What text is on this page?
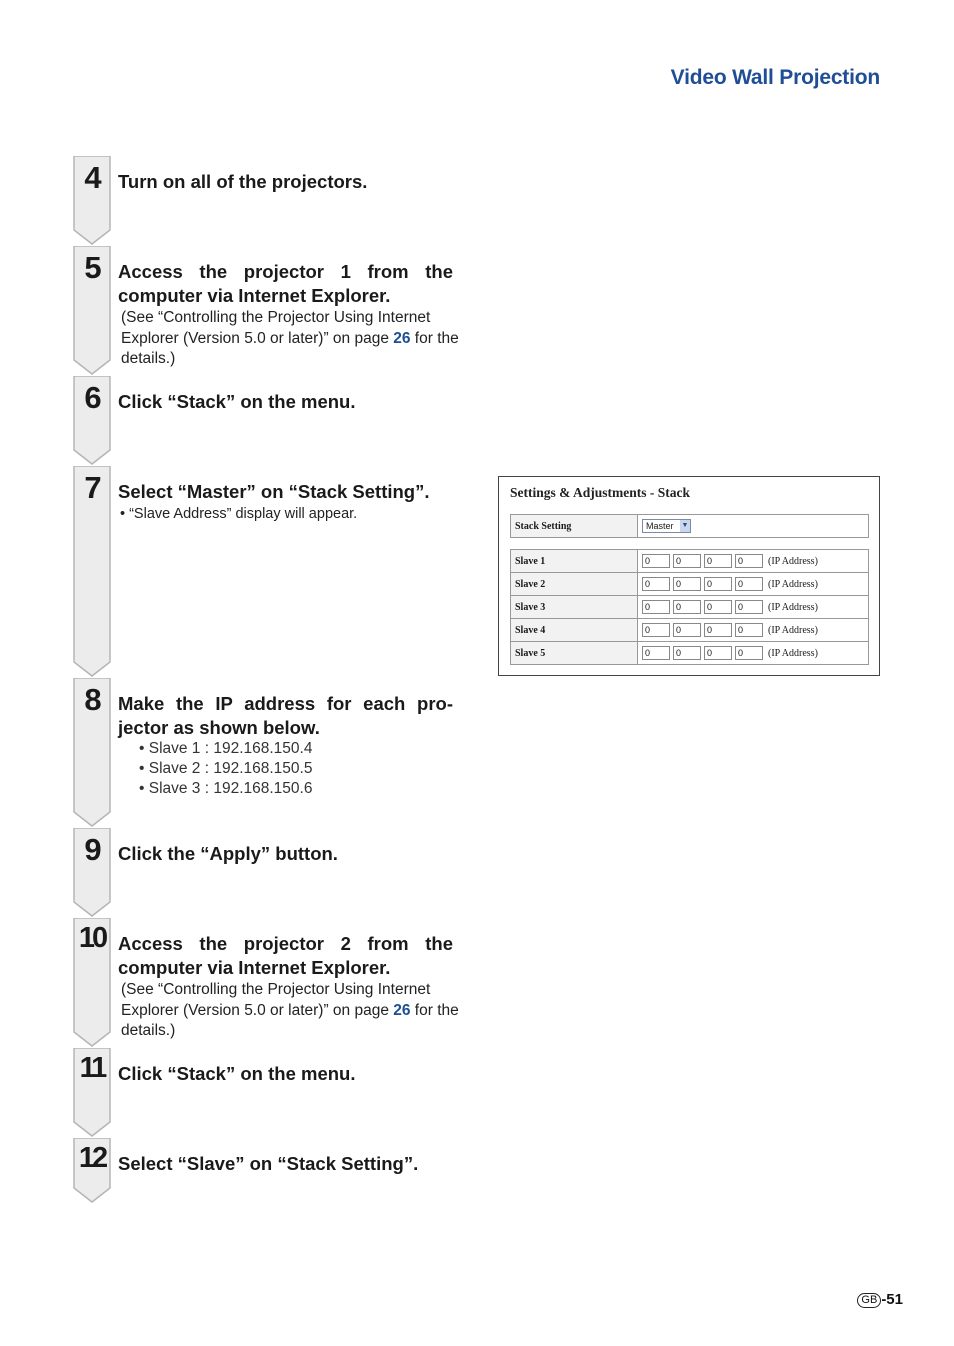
Video Wall Projection
4 Turn on all of the projectors.
5 Access the projector 1 from the computer via Internet Explorer.
(See “Controlling the Projector Using Internet Explorer (Version 5.0 or later)” on page 26 for the details.)
6 Click “Stack” on the menu.
7 Select “Master” on “Stack Setting”.
• “Slave Address” display will appear.
8 Make the IP address for each pro-jector as shown below.
• Slave 1 : 192.168.150.4
• Slave 2 : 192.168.150.5
• Slave 3 : 192.168.150.6
9 Click the “Apply” button.
10 Access the projector 2 from the computer via Internet Explorer.
(See “Controlling the Projector Using Internet Explorer (Version 5.0 or later)” on page 26 for the details.)
11 Click “Stack” on the menu.
12 Select “Slave” on “Stack Setting”.
Settings & Adjustments - Stack
Stack Setting	Master ▼
Slave 1	0 0 0 0 (IP Address)
Slave 2	0 0 0 0 (IP Address)
Slave 3	0 0 0 0 (IP Address)
Slave 4	0 0 0 0 (IP Address)
Slave 5	0 0 0 0 (IP Address)
GB -51
